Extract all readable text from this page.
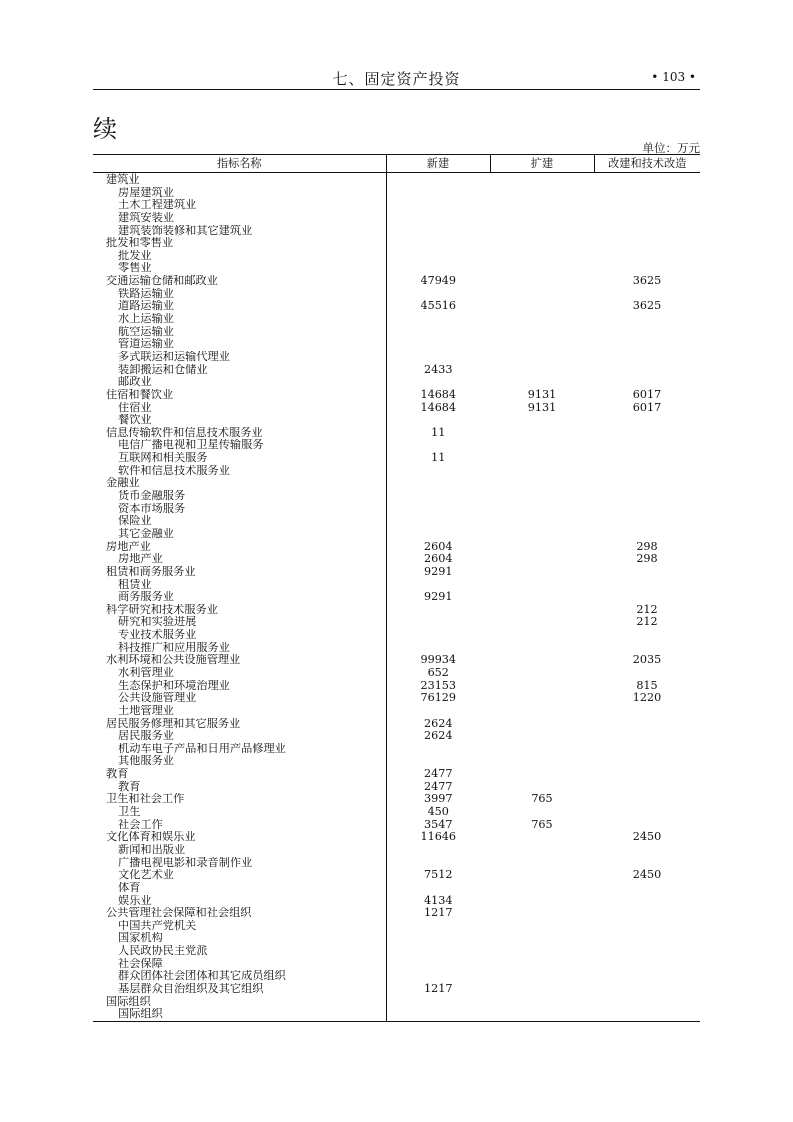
七、固定资产投资	• 103 •
续
单位：万元
指标名称	新建	扩建	改建和技术改造
建筑业			
房屋建筑业			
土木工程建筑业			
建筑安装业			
建筑装饰装修和其它建筑业			
批发和零售业			
批发业			
零售业			
交通运输仓储和邮政业	47949		3625
铁路运输业			
道路运输业	45516		3625
水上运输业			
航空运输业			
管道运输业			
多式联运和运输代理业			
装卸搬运和仓储业	2433		
邮政业			
住宿和餐饮业	14684	9131	6017
住宿业	14684	9131	6017
餐饮业			
信息传输软件和信息技术服务业	11		
电信广播电视和卫星传输服务			
互联网和相关服务	11		
软件和信息技术服务业			
金融业			
货币金融服务			
资本市场服务			
保险业			
其它金融业			
房地产业	2604		298
房地产业	2604		298
租赁和商务服务业	9291		
租赁业			
商务服务业	9291		
科学研究和技术服务业			212
研究和实验进展			212
专业技术服务业			
科技推广和应用服务业			
水利环境和公共设施管理业	99934		2035
水利管理业	652		
生态保护和环境治理业	23153		815
公共设施管理业	76129		1220
土地管理业			
居民服务修理和其它服务业	2624		
居民服务业	2624		
机动车电子产品和日用产品修理业			
其他服务业			
教育	2477		
教育	2477		
卫生和社会工作	3997	765	
卫生	450		
社会工作	3547	765	
文化体育和娱乐业	11646		2450
新闻和出版业			
广播电视电影和录音制作业			
文化艺术业	7512		2450
体育			
娱乐业	4134		
公共管理社会保障和社会组织	1217		
中国共产党机关			
国家机构			
人民政协民主党派			
社会保障			
群众团体社会团体和其它成员组织			
基层群众自治组织及其它组织	1217		
国际组织			
国际组织			
